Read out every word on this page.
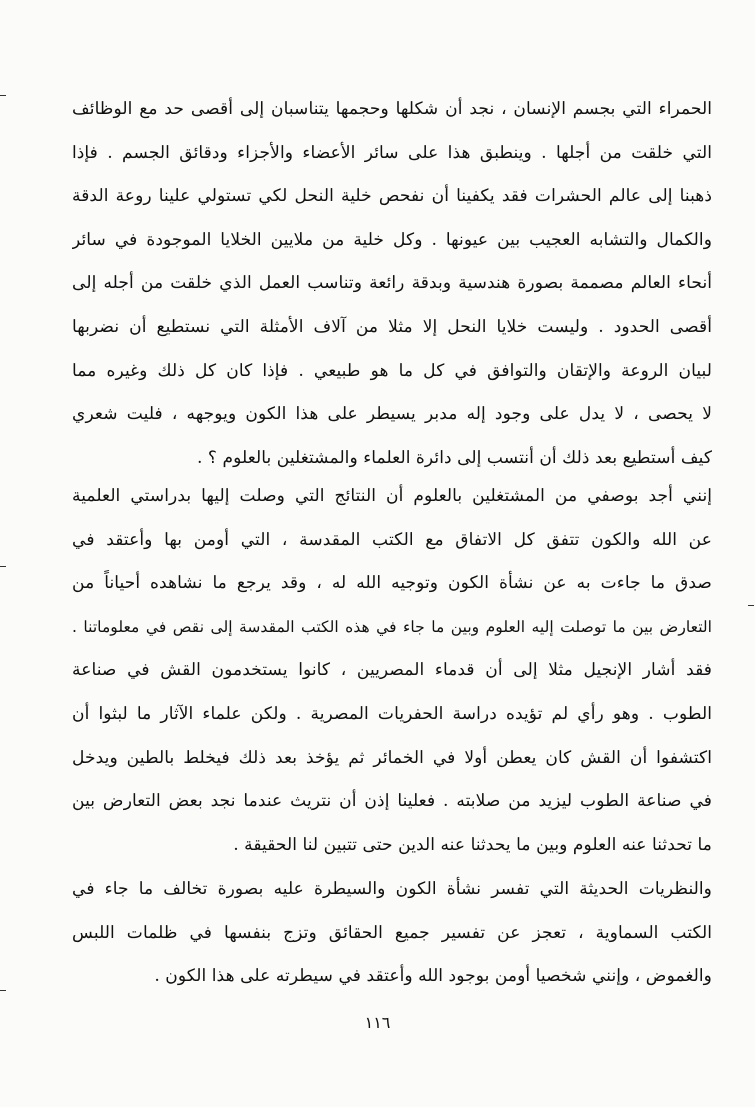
الحمراء التي بجسم الإنسان ، نجد أن شكلها وحجمها يتناسبان إلى أقصى حد مع الوظائف
التي خلقت من أجلها . وينطبق هذا على سائر الأعضاء والأجزاء ودقائق الجسم . فإذا
ذهبنا إلى عالم الحشرات فقد يكفينا أن نفحص خلية النحل لكي تستولي علينا روعة الدقة
والكمال والتشابه العجيب بين عيونها . وكل خلية من ملايين الخلايا الموجودة في سائر
أنحاء العالم مصممة بصورة هندسية وبدقة رائعة وتناسب العمل الذي خلقت من أجله إلى
أقصى الحدود . وليست خلايا النحل إلا مثلا من آلاف الأمثلة التي نستطيع أن نضربها
لبيان الروعة والإتقان والتوافق في كل ما هو طبيعي . فإذا كان كل ذلك وغيره مما
لا يحصى ، لا يدل على وجود إله مدبر يسيطر على هذا الكون ويوجهه ، فليت شعري
كيف أستطيع بعد ذلك أن أنتسب إلى دائرة العلماء والمشتغلين بالعلوم ؟ .
إنني أجد بوصفي من المشتغلين بالعلوم أن النتائج التي وصلت إليها بدراستي العلمية
عن الله والكون تتفق كل الاتفاق مع الكتب المقدسة ، التي أومن بها وأعتقد في
صدق ما جاءت به عن نشأة الكون وتوجيه الله له ، وقد يرجع ما نشاهده أحياناً من
التعارض بين ما توصلت إليه العلوم وبين ما جاء في هذه الكتب المقدسة إلى نقص في معلوماتنا .
فقد أشار الإنجيل مثلا إلى أن قدماء المصريين ، كانوا يستخدمون القش في صناعة
الطوب . وهو رأي لم تؤيده دراسة الحفريات المصرية . ولكن علماء الآثار ما لبثوا أن
اكتشفوا أن القش كان يعطن أولا في الخمائر ثم يؤخذ بعد ذلك فيخلط بالطين ويدخل
في صناعة الطوب ليزيد من صلابته . فعلينا إذن أن نتريث عندما نجد بعض التعارض بين
ما تحدثنا عنه العلوم وبين ما يحدثنا عنه الدين حتى تتبين لنا الحقيقة .
والنظريات الحديثة التي تفسر نشأة الكون والسيطرة عليه بصورة تخالف ما جاء في
الكتب السماوية ، تعجز عن تفسير جميع الحقائق وتزج بنفسها في ظلمات اللبس
والغموض ، وإنني شخصيا أومن بوجود الله وأعتقد في سيطرته على هذا الكون .
١١٦
